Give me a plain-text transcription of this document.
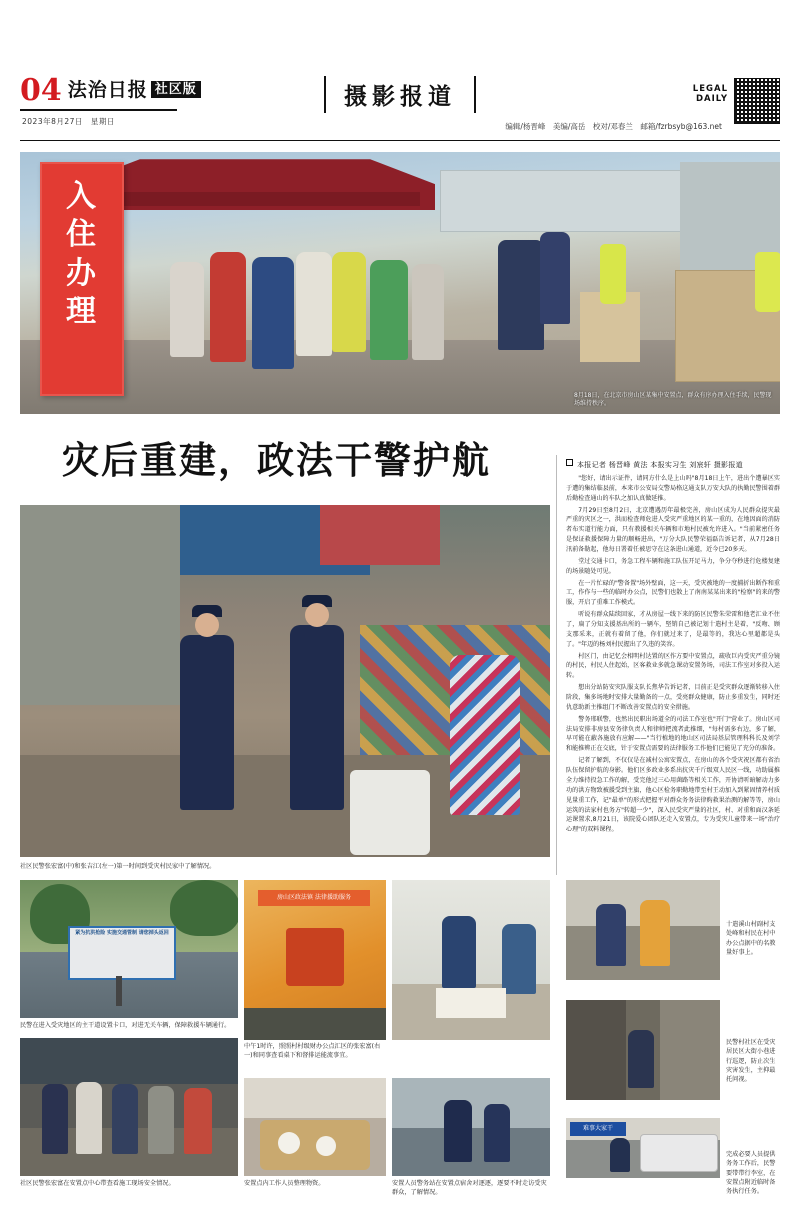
04 法治日报 社区版
2023年8月27日　星期日
摄影报道	LEGAL DAILY
编辑/杨晋峰　美编/高岳　校对/邓春兰　邮箱/fzrbsyb@163.net
入住办理
8月18日，在北京市房山区某集中安置点，群众有序办理入住手续，民警现场维持秩序。
灾后重建，政法干警护航	本报记者 杨晋峰 黄法 本报实习生 刘宸轩 摄影报道

"您好，请出示证件，请同方什么是上山吗"8月18日上午，进出个遭暴区实于遭的集结临县前，本来市公安局交警局格这通支队万安大队的执勤民警围着群后勤检查通山的车队之加认真做延推。

7月29日至8月2日，北京遭遇历年最极完善，房山区成为人民群众提灾最严重的灾区之一，洪而检查师危进人受灾严重地区的某一重的，在地因面的消防者布实道行能力面，只有教援相关车辆和市地村民被允许进入。"当前紧密任务是保证救援保障力量的顺畅进出，"万分大队民警荣福磊告诉记者，从7月28日汛前备勒起，他每日署着任被思守在这条进山通道，近今已20多天。

堂过交通卡口，务急工程车辆和施工队伍开足马力，争分夺秒进行危楼复建的场景随处可见。

在一片忙碌的"警备置"场外壁面，这一天，受灾被地的一度捕折出断作和重工，作作与一些的临时办公点，民警们也散上了南南某某出来的"检察"的来的警服，开启了重难工作模式。

听说有群众陆续回家，才从房屋一线下来的防区民警朱荣雷和他老汇业不住了，扁了分知支援基出所的一辆车，堅销自己被记划十遣村主是着，"反吻、顾支那采来，正就有着留了他，你们就过来了，是最等的，我达心里超都是头了。"年迈的杨刘村民握出了久违的笑容。

村区门，由记忆会相明村达置的区作方要中安置点，疏收巨内受灾严重分镜的村民，村民人住起始，区客救业多就急课动安置务场，司法工作室对多投入运转。

想出分站防安灾队服支队长焦华告诉记者，目前正是受灾群众逐渐转移入住阶段，集多场地时安排大量勤备的一点，受亮群众健康，防止多重发生，同时还仇意助新主推组门不断改善安置点的安全措施。

警务邢联警，也然出民职出场道全的司法工作室也"开门"营业了。房山区司法局安排非房县安务律负责人和律师把流者此推细，"每村需多右边，多了解，早可能在蔽各施放有应解——"当行植地的地山区司法局基层管理科科长及刘学和能推辨正在交底，针于安置点需要的法律服务工作他们已能见了充分的准备。

记者了解到，不仅仅是在减村公寓安置点，在房山的各个受灾祝区都有省治队伍保留护航的身影。他们区多政业多系出抗灾千斤级双人民区一线，功助属推全力维持投急工作的解，受完他过三心用菌路等相关工作，开协清听暗解动力多功的洪方物致被援受到主旗，他心区检务职勤地带至村王动加入到紧固情养村质见量重工作，记"最单"的形式把握平对群众务务法律购救果治测的解等等，房山运筑的法家村也务方"转超一少"，深入民受灾严量的社区，村、对重和面汉条延运课置求,8月21日，该院爱心团队还走入安置点，专为受灾儿童带来一场"治疗心理"的双料课程。

社区民警张宏富(中)和张吉江(左一)第一时间到受灾村民家中了解情况。
紧为抗洪抢险 实施交通管制 请您掉头返回
民警在进入受灾地区的主干道设置卡口，对进无关车辆，保障救援车辆通行。
社区民警张宏富在安置点中心带查看施工现场安全情况。
房山区政法镇 法律援助服务
中午1时许，照照村村级财办公点汇区的张宏富(右一)和同事查看桌下和督排运能流事宜。
安置点内工作人员整理物资。	安置人员警务站在安置点宿舍对逐逐，逐要不时走访受灾群众，了解情况。
十遣溪山村副村支处峰和村民在村中办公点据中的名教量好事上。
民警村社区在受灾居民区大街小巷进行巡逻，防止次生灾害发生，主抑最托问视。
难事大家干
完成必要人员提供务务工作后，民警要带带行李室，在安置点附近临时备务执行任务。
